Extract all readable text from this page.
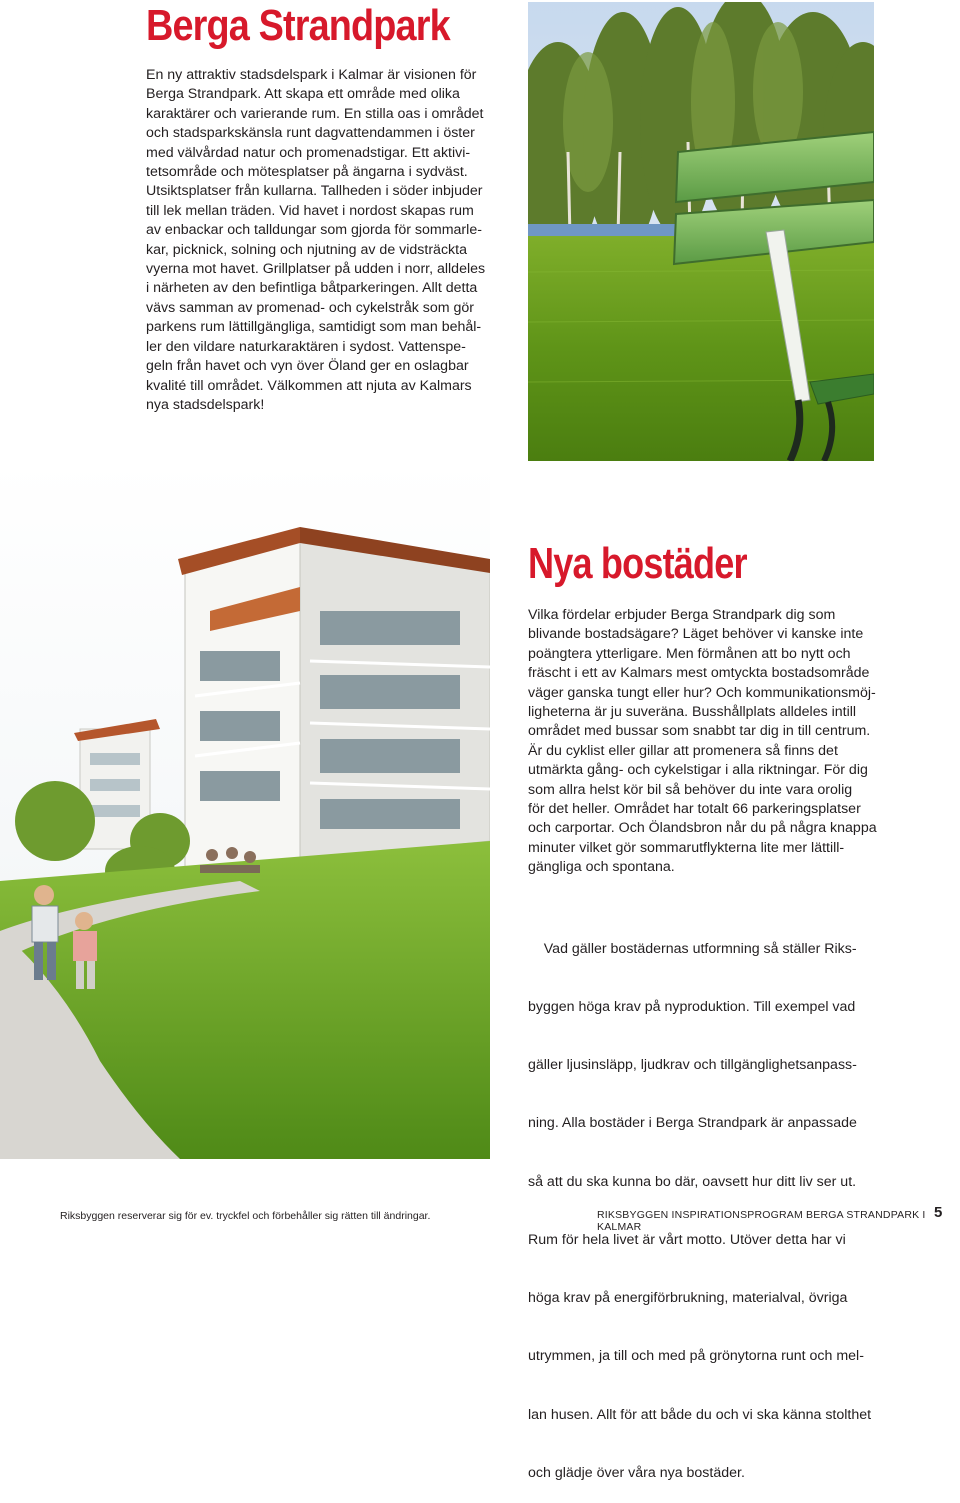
Berga Strandpark
En ny attraktiv stadsdelspark i Kalmar är visionen för
Berga Strandpark. Att skapa ett område med olika
karaktärer och varierande rum. En stilla oas i området
och stadsparkskänsla runt dagvattendammen i öster
med välvårdad natur och promenadstigar. Ett aktivi-
tetsområde och mötesplatser på ängarna i sydväst.
Utsiktsplatser från kullarna. Tallheden i söder inbjuder
till lek mellan träden. Vid havet i nordost skapas rum
av enbackar och talldungar som gjorda för sommarle-
kar, picknick, solning och njutning av de vidsträckta
vyerna mot havet. Grillplatser på udden i norr, alldeles
i närheten av den befintliga båtparkeringen. Allt detta
vävs samman av promenad- och cykelstråk som gör
parkens rum lättillgängliga, samtidigt som man behål-
ler den vildare naturkaraktären i sydost. Vattenspe-
geln från havet och vyn över Öland ger en oslagbar
kvalité till området. Välkommen att njuta av Kalmars
nya stadsdelspark!
Nya bostäder
Vilka fördelar erbjuder Berga Strandpark dig som
blivande bostadsägare? Läget behöver vi kanske inte
poängtera ytterligare. Men förmånen att bo nytt och
fräscht i ett av Kalmars mest omtyckta bostadsområde
väger ganska tungt eller hur? Och kommunikationsmöj-
ligheterna är ju suveräna. Busshållplats alldeles intill
området med bussar som snabbt tar dig in till centrum.
Är du cyklist eller gillar att promenera så finns det
utmärkta gång- och cykelstigar i alla riktningar. För dig
som allra helst kör bil så behöver du inte vara orolig
för det heller. Området har totalt 66 parkeringsplatser
och carportar. Och Ölandsbron når du på några knappa
minuter vilket gör sommarutflykterna lite mer lättill-
gängliga och spontana.

Vad gäller bostädernas utformning så ställer Riks-

byggen höga krav på nyproduktion. Till exempel vad

gäller ljusinsläpp, ljudkrav och tillgänglighetsanpass-

ning. Alla bostäder i Berga Strandpark är anpassade

så att du ska kunna bo där, oavsett hur ditt liv ser ut.

Rum för hela livet är vårt motto. Utöver detta har vi

höga krav på energiförbrukning, materialval, övriga

utrymmen, ja till och med på grönytorna runt och mel-

lan husen. Allt för att både du och vi ska känna stolthet

och glädje över våra nya bostäder.

Riksbyggen reserverar sig för ev. tryckfel och förbehåller sig rätten till ändringar.	RIKSBYGGEN INSPIRATIONSPROGRAM BERGA STRANDPARK I KALMAR
5
